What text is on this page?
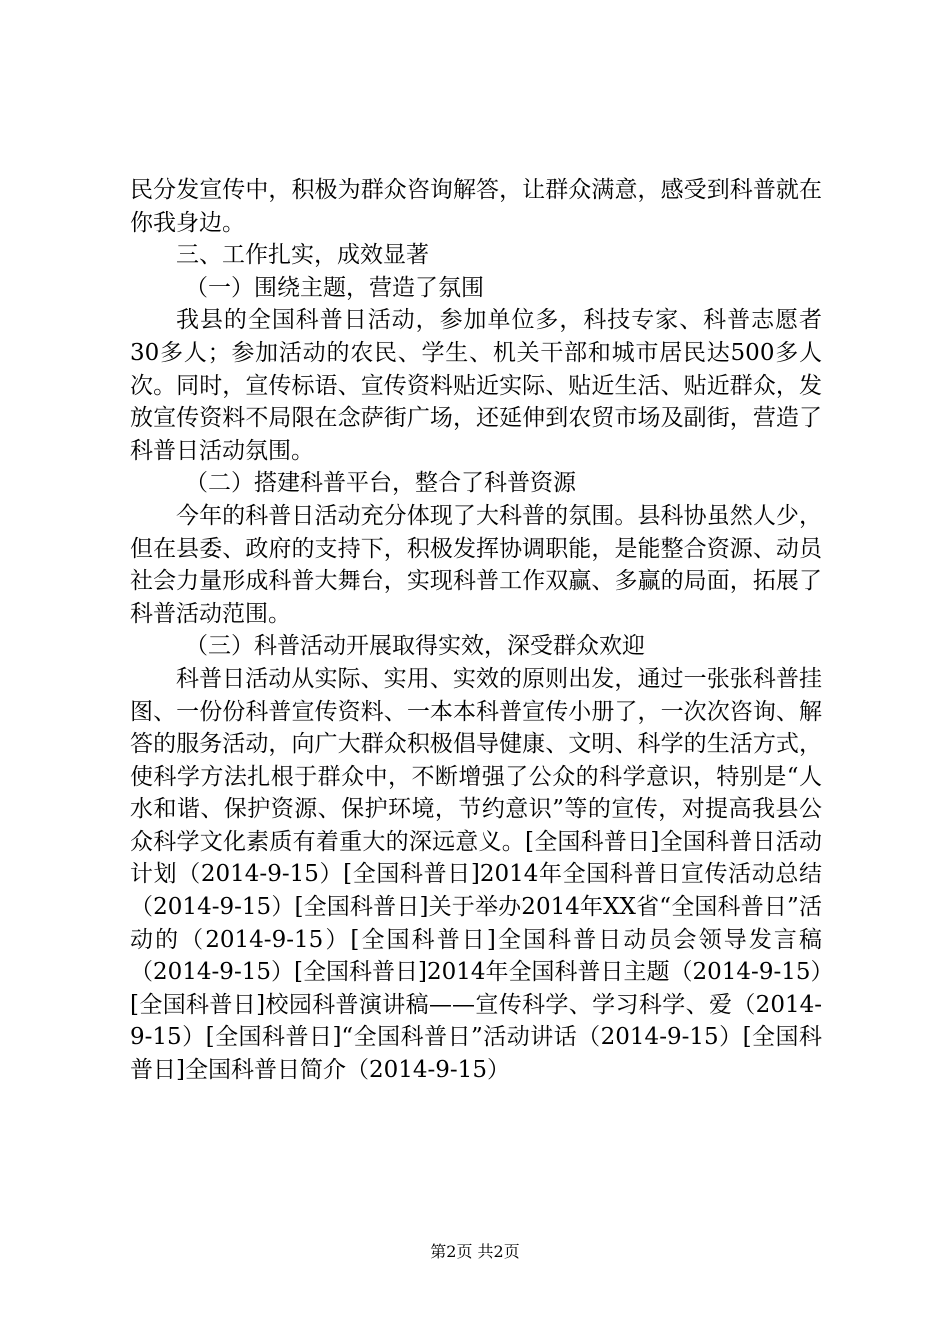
民分发宣传中，积极为群众咨询解答，让群众满意，感受到科普就在你我身边。
三、工作扎实，成效显著
（一）围绕主题，营造了氛围
我县的全国科普日活动，参加单位多，科技专家、科普志愿者30多人；参加活动的农民、学生、机关干部和城市居民达500多人次。同时，宣传标语、宣传资料贴近实际、贴近生活、贴近群众，发放宣传资料不局限在念萨街广场，还延伸到农贸市场及副街，营造了科普日活动氛围。
（二）搭建科普平台，整合了科普资源
今年的科普日活动充分体现了大科普的氛围。县科协虽然人少，但在县委、政府的支持下，积极发挥协调职能，是能整合资源、动员社会力量形成科普大舞台，实现科普工作双赢、多赢的局面，拓展了科普活动范围。
（三）科普活动开展取得实效，深受群众欢迎
科普日活动从实际、实用、实效的原则出发，通过一张张科普挂图、一份份科普宣传资料、一本本科普宣传小册了，一次次咨询、解答的服务活动，向广大群众积极倡导健康、文明、科学的生活方式，使科学方法扎根于群众中，不断增强了公众的科学意识，特别是“人水和谐、保护资源、保护环境，节约意识”等的宣传，对提高我县公众科学文化素质有着重大的深远意义。[全国科普日]全国科普日活动计划（2014-9-15）[全国科普日]2014年全国科普日宣传活动总结（2014-9-15）[全国科普日]关于举办2014年XX省“全国科普日”活动的（2014-9-15）[全国科普日]全国科普日动员会领导发言稿（2014-9-15）[全国科普日]2014年全国科普日主题（2014-9-15）[全国科普日]校园科普演讲稿——宣传科学、学习科学、爱（2014-9-15）[全国科普日]“全国科普日”活动讲话（2014-9-15）[全国科普日]全国科普日简介（2014-9-15）
第2页 共2页
